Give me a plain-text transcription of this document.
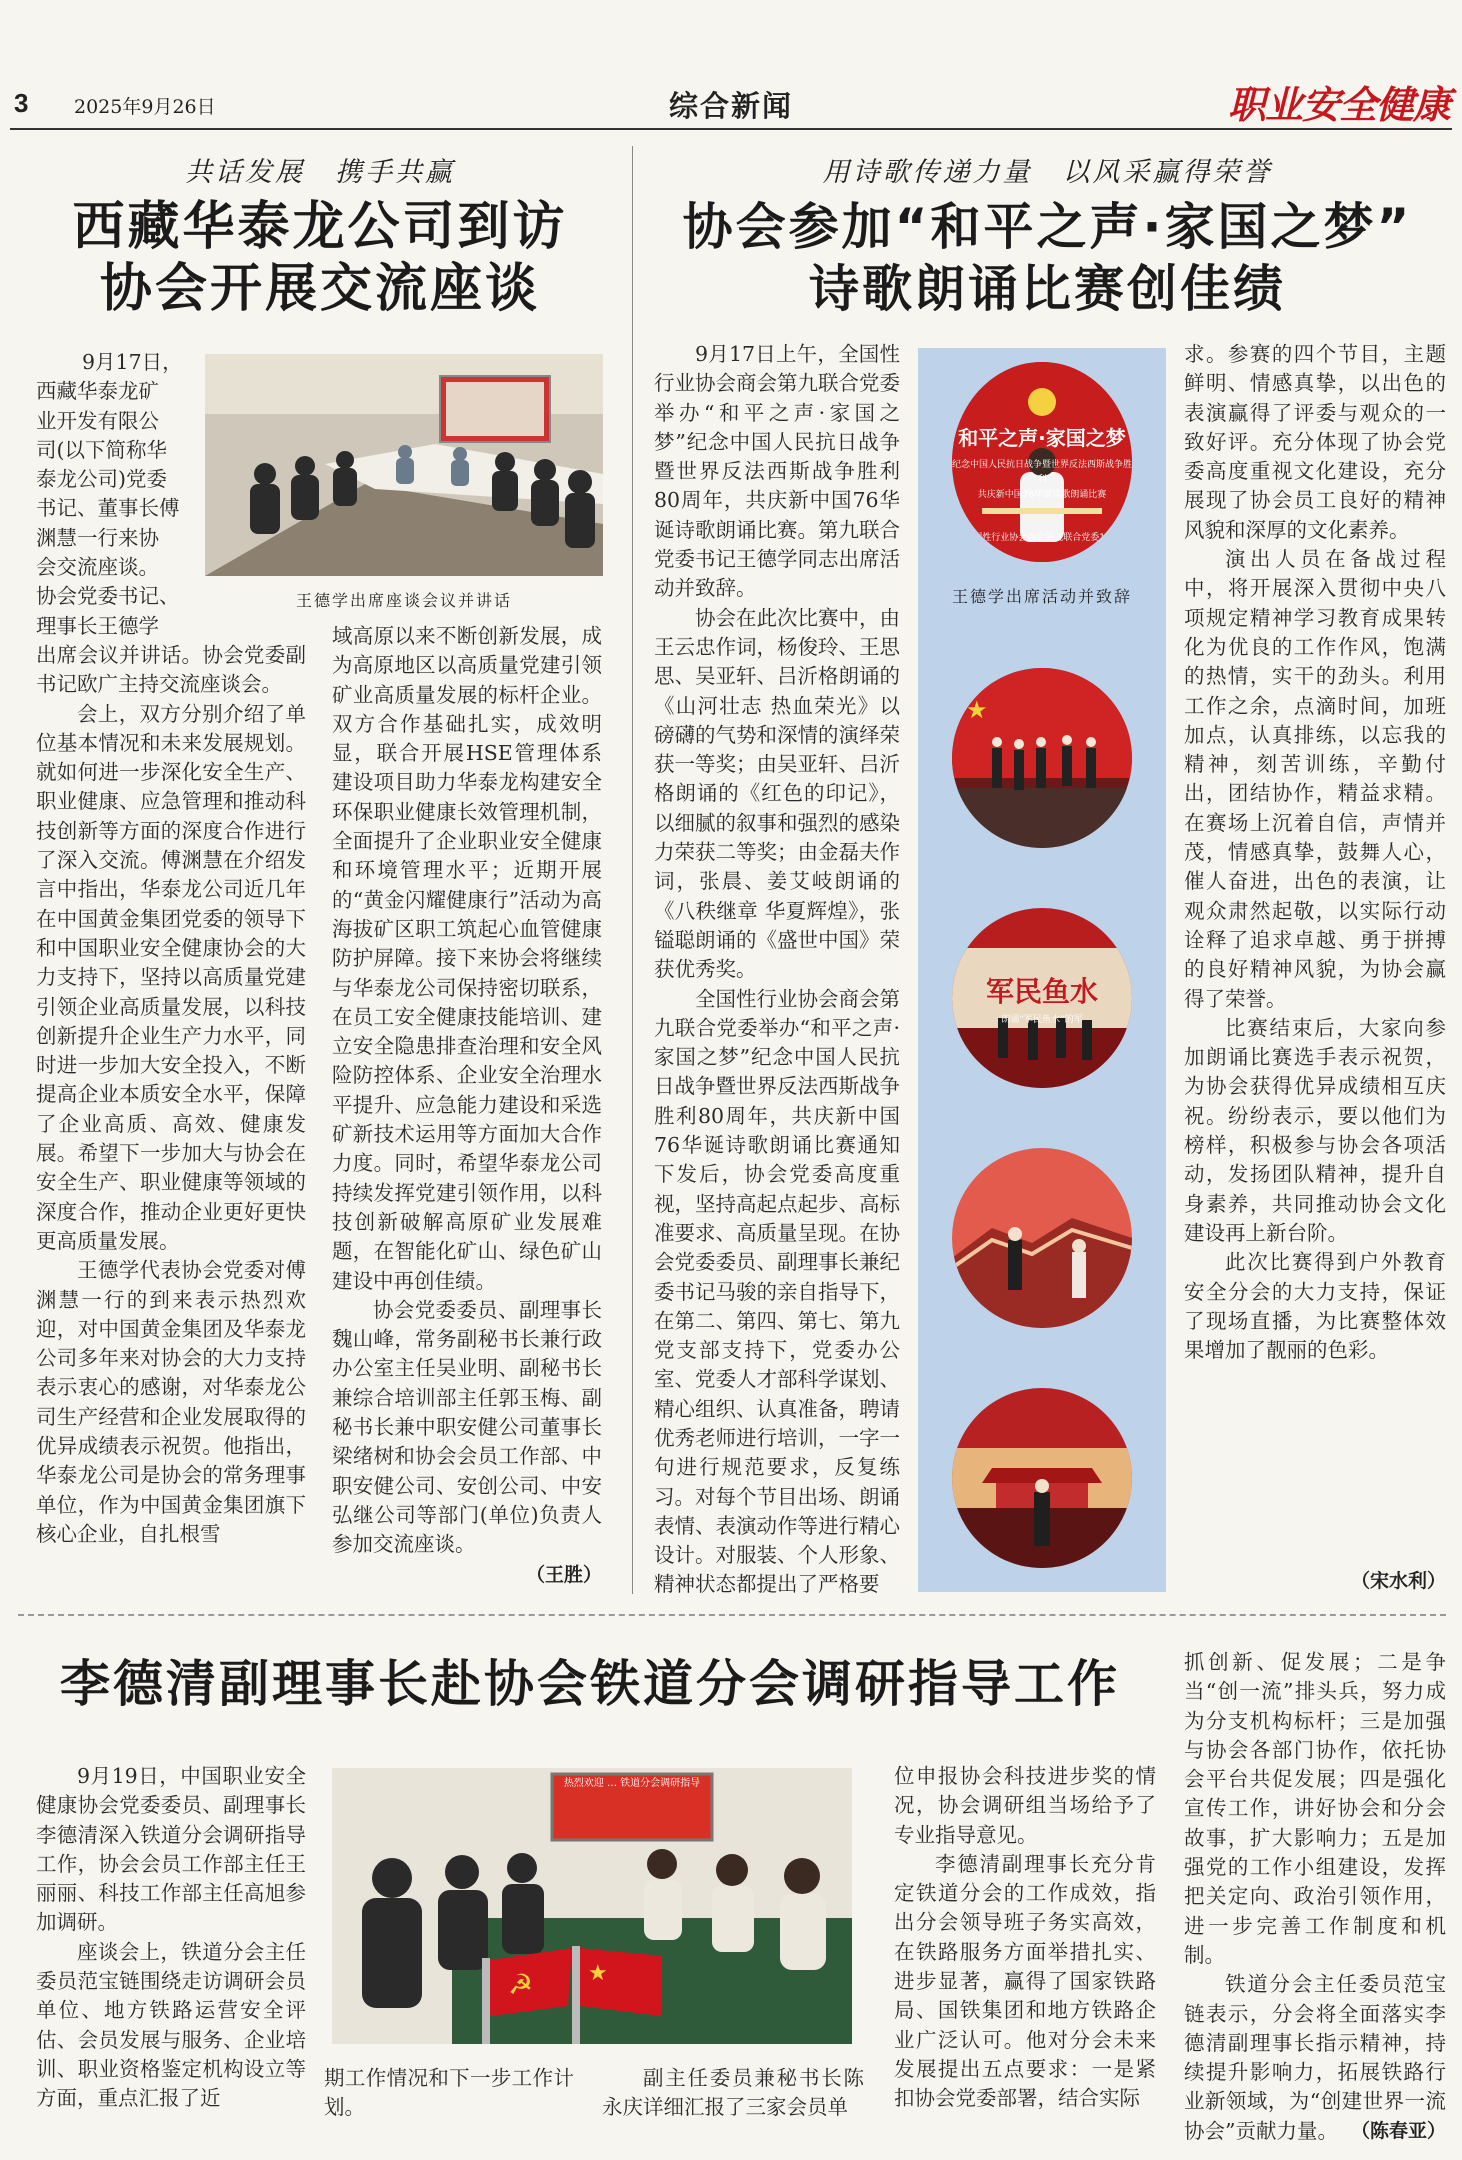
3 2025年9月26日	综合新闻	职业安全健康
共话发展　携手共赢
西藏华泰龙公司到访
协会开展交流座谈
9月17日，
西藏华泰龙矿
业开发有限公
司(以下简称华
泰龙公司)党委
书记、董事长傅
渊慧一行来协
会交流座谈。
协会党委书记、
理事长王德学
王德学出席座谈会议并讲话

出席会议并讲话。协会党委副书记欧广主持交流座谈会。

会上，双方分别介绍了单位基本情况和未来发展规划。就如何进一步深化安全生产、职业健康、应急管理和推动科技创新等方面的深度合作进行了深入交流。傅渊慧在介绍发言中指出，华泰龙公司近几年在中国黄金集团党委的领导下和中国职业安全健康协会的大力支持下，坚持以高质量党建引领企业高质量发展，以科技创新提升企业生产力水平，同时进一步加大安全投入，不断提高企业本质安全水平，保障了企业高质、高效、健康发展。希望下一步加大与协会在安全生产、职业健康等领域的深度合作，推动企业更好更快更高质量发展。

王德学代表协会党委对傅渊慧一行的到来表示热烈欢迎，对中国黄金集团及华泰龙公司多年来对协会的大力支持表示衷心的感谢，对华泰龙公司生产经营和企业发展取得的优异成绩表示祝贺。他指出，华泰龙公司是协会的常务理事单位，作为中国黄金集团旗下核心企业，自扎根雪

域高原以来不断创新发展，成为高原地区以高质量党建引领矿业高质量发展的标杆企业。双方合作基础扎实，成效明显，联合开展HSE管理体系建设项目助力华泰龙构建安全环保职业健康长效管理机制，全面提升了企业职业安全健康和环境管理水平；近期开展的“黄金闪耀健康行”活动为高海拔矿区职工筑起心血管健康防护屏障。接下来协会将继续与华泰龙公司保持密切联系，在员工安全健康技能培训、建立安全隐患排查治理和安全风险防控体系、企业安全治理水平提升、应急能力建设和采选矿新技术运用等方面加大合作力度。同时，希望华泰龙公司持续发挥党建引领作用，以科技创新破解高原矿业发展难题，在智能化矿山、绿色矿山建设中再创佳绩。

协会党委委员、副理事长魏山峰，常务副秘书长兼行政办公室主任吴业明、副秘书长兼综合培训部主任郭玉梅、副秘书长兼中职安健公司董事长梁绪树和协会会员工作部、中职安健公司、安创公司、中安弘继公司等部门(单位)负责人参加交流座谈。

（王胜）
用诗歌传递力量　以风采赢得荣誉
协会参加“和平之声·家国之梦”
诗歌朗诵比赛创佳绩

9月17日上午，全国性行业协会商会第九联合党委举办“和平之声·家国之梦”纪念中国人民抗日战争暨世界反法西斯战争胜利80周年，共庆新中国76华诞诗歌朗诵比赛。第九联合党委书记王德学同志出席活动并致辞。

协会在此次比赛中，由王云忠作词，杨俊玲、王思思、吴亚轩、吕沂格朗诵的《山河壮志 热血荣光》以磅礴的气势和深情的演绎荣获一等奖；由吴亚轩、吕沂格朗诵的《红色的印记》，以细腻的叙事和强烈的感染力荣获二等奖；由金磊夫作词，张晨、姜艾岐朗诵的《八秩继章 华夏辉煌》，张镒聪朗诵的《盛世中国》荣获优秀奖。

全国性行业协会商会第九联合党委举办“和平之声·家国之梦”纪念中国人民抗日战争暨世界反法西斯战争胜利80周年，共庆新中国76华诞诗歌朗诵比赛通知下发后，协会党委高度重视，坚持高起点起步、高标准要求、高质量呈现。在协会党委委员、副理事长兼纪委书记马骏的亲自指导下，在第二、第四、第七、第九党支部支持下，党委办公室、党委人才部科学谋划、精心组织、认真准备，聘请优秀老师进行培训，一字一句进行规范要求，反复练习。对每个节目出场、朗诵表情、表演动作等进行精心设计。对服装、个人形象、精神状态都提出了严格要

和平之声·家国之梦
纪念中国人民抗日战争暨世界反法西斯战争胜利
共庆新中国76华诞诗歌朗诵比赛
全国性行业协会商会第九联合党委17日
王德学出席活动并致辞
★
军民鱼水
朗诵“军民鱼水”的军

求。参赛的四个节目，主题鲜明、情感真挚，以出色的表演赢得了评委与观众的一致好评。充分体现了协会党委高度重视文化建设，充分展现了协会员工良好的精神风貌和深厚的文化素养。

演出人员在备战过程中，将开展深入贯彻中央八项规定精神学习教育成果转化为优良的工作作风，饱满的热情，实干的劲头。利用工作之余，点滴时间，加班加点，认真排练，以忘我的精神，刻苦训练，辛勤付出，团结协作，精益求精。在赛场上沉着自信，声情并茂，情感真挚，鼓舞人心，催人奋进，出色的表演，让观众肃然起敬，以实际行动诠释了追求卓越、勇于拼搏的良好精神风貌，为协会赢得了荣誉。

比赛结束后，大家向参加朗诵比赛选手表示祝贺，为协会获得优异成绩相互庆祝。纷纷表示，要以他们为榜样，积极参与协会各项活动，发扬团队精神，提升自身素养，共同推动协会文化建设再上新台阶。

此次比赛得到户外教育安全分会的大力支持，保证了现场直播，为比赛整体效果增加了靓丽的色彩。

（宋水利）
李德清副理事长赴协会铁道分会调研指导工作

9月19日，中国职业安全健康协会党委委员、副理事长李德清深入铁道分会调研指导工作，协会会员工作部主任王丽丽、科技工作部主任高旭参加调研。

座谈会上，铁道分会主任委员范宝链围绕走访调研会员单位、地方铁路运营安全评估、会员发展与服务、企业培训、职业资格鉴定机构设立等方面，重点汇报了近

☭ ★
热烈欢迎 … 铁道分会调研指导
期工作情况和下一步工作计划。
副主任委员兼秘书长陈永庆详细汇报了三家会员单

位申报协会科技进步奖的情况，协会调研组当场给予了专业指导意见。

李德清副理事长充分肯定铁道分会的工作成效，指出分会领导班子务实高效，在铁路服务方面举措扎实、进步显著，赢得了国家铁路局、国铁集团和地方铁路企业广泛认可。他对分会未来发展提出五点要求：一是紧扣协会党委部署，结合实际

抓创新、促发展；二是争当“创一流”排头兵，努力成为分支机构标杆；三是加强与协会各部门协作，依托协会平台共促发展；四是强化宣传工作，讲好协会和分会故事，扩大影响力；五是加强党的工作小组建设，发挥把关定向、政治引领作用，进一步完善工作制度和机制。

铁道分会主任委员范宝链表示，分会将全面落实李德清副理事长指示精神，持续提升影响力，拓展铁路行业新领域，为“创建世界一流协会”贡献力量。 （陈春亚）
